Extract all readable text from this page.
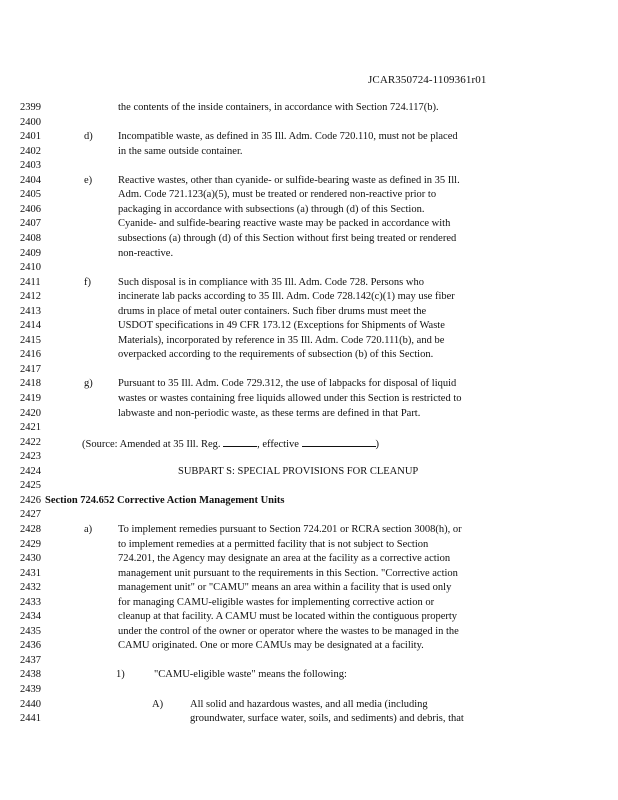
JCAR350724-1109361r01
2399	the contents of the inside containers, in accordance with Section 724.117(b).
2400
2401	d) Incompatible waste, as defined in 35 Ill. Adm. Code 720.110, must not be placed
2402	in the same outside container.
2403
2404	e) Reactive wastes, other than cyanide- or sulfide-bearing waste as defined in 35 Ill.
2405	Adm. Code 721.123(a)(5), must be treated or rendered non-reactive prior to
2406	packaging in accordance with subsections (a) through (d) of this Section.
2407	Cyanide- and sulfide-bearing reactive waste may be packed in accordance with
2408	subsections (a) through (d) of this Section without first being treated or rendered
2409	non-reactive.
2410
2411	f)	Such disposal is in compliance with 35 Ill. Adm. Code 728. Persons who
2412	incinerate lab packs according to 35 Ill. Adm. Code 728.142(c)(1) may use fiber
2413	drums in place of metal outer containers. Such fiber drums must meet the
2414	USDOT specifications in 49 CFR 173.12 (Exceptions for Shipments of Waste
2415	Materials), incorporated by reference in 35 Ill. Adm. Code 720.111(b), and be
2416	overpacked according to the requirements of subsection (b) of this Section.
2417
2418	g) Pursuant to 35 Ill. Adm. Code 729.312, the use of labpacks for disposal of liquid
2419	wastes or wastes containing free liquids allowed under this Section is restricted to
2420	labwaste and non-periodic waste, as these terms are defined in that Part.
2421
2422	(Source: Amended at 35 Ill. Reg.	, effective	)
2423
2424	SUBPART S: SPECIAL PROVISIONS FOR CLEANUP
2425
2426 Section 724.652 Corrective Action Management Units
2427
2428	a) To implement remedies pursuant to Section 724.201 or RCRA section 3008(h), or
2429	to implement remedies at a permitted facility that is not subject to Section
2430	724.201, the Agency may designate an area at the facility as a corrective action
2431	management unit pursuant to the requirements in this Section. "Corrective action
2432	management unit" or "CAMU" means an area within a facility that is used only
2433	for managing CAMU-eligible wastes for implementing corrective action or
2434	cleanup at that facility. A CAMU must be located within the contiguous property
2435	under the control of the owner or operator where the wastes to be managed in the
2436	CAMU originated. One or more CAMUs may be designated at a facility.
2437
2438	1)	"CAMU-eligible waste" means the following:
2439
2440	A)	All solid and hazardous wastes, and all media (including
2441	groundwater, surface water, soils, and sediments) and debris, that
